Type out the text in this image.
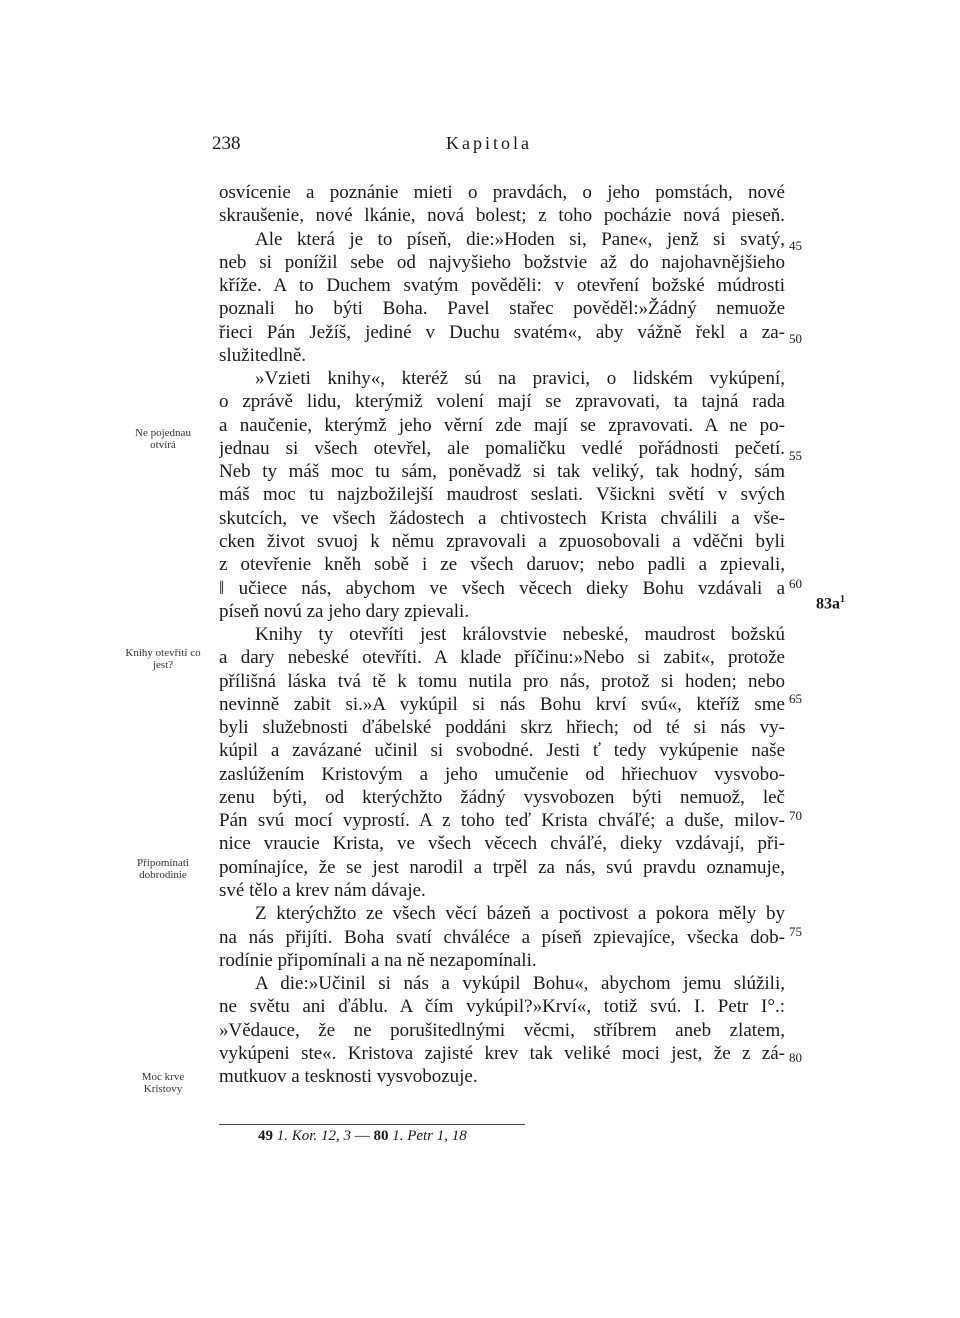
238	Kapitola
Ne pojednau otvírá
Knihy otevříti co jest?
Připomínati dobrodinie
Moc krve Kristovy
osvícenie a poznánie mieti o pravdách, o jeho pomstách, nové
skraušenie, nové lkánie, nová bolest; z toho pocházie nová pieseň.
Ale která je to píseň, die:»Hoden si, Pane«, jenž si svatý,
neb si ponížil sebe od najvyšieho božstvie až do najohavnějšieho
kříže. A to Duchem svatým pověděli: v otevření božské múdrosti
poznali ho býti Boha. Pavel stařec pověděl:»Žádný nemuože
řieci Pán Ježíš, jediné v Duchu svatém«, aby vážně řekl a za-
služitedlně.
»Vzieti knihy«, kteréž sú na pravici, o lidském vykúpení,
o zprávě lidu, kterýmiž volení mají se zpravovati, ta tajná rada
a naučenie, kterýmž jeho věrní zde mají se zpravovati. A ne po-
jednau si všech otevřel, ale pomaličku vedlé pořádnosti pečetí.
Neb ty máš moc tu sám, poněvadž si tak veliký, tak hodný, sám
máš moc tu najzbožilejší maudrost seslati. Všickni světí v svých
skutcích, ve všech žádostech a chtivostech Krista chválili a vše-
cken život svuoj k němu zpravovali a zpuosobovali a vděčni byli
z otevřenie kněh sobě i ze všech daruov; nebo padli a zpievali,
‖ učiece nás, abychom ve všech věcech dieky Bohu vzdávali a
píseň novú za jeho dary zpievali.
Knihy ty otevříti jest královstvie nebeské, maudrost božskú
a dary nebeské otevříti. A klade příčinu:»Nebo si zabit«, protože
přílišná láska tvá tě k tomu nutila pro nás, protož si hoden; nebo
nevinně zabit si.»A vykúpil si nás Bohu krví svú«, kteříž sme
byli služebnosti ďábelské poddáni skrz hřiech; od té si nás vy-
kúpil a zavázané učinil si svobodné. Jesti ť tedy vykúpenie naše
zaslúžením Kristovým a jeho umučenie od hřiechuov vysvobo-
zenu býti, od kterýchžto žádný vysvobozen býti nemuož, leč
Pán svú mocí vyprostí. A z toho teď Krista chváľé; a duše, milov-
nice vraucie Krista, ve všech věcech chváľé, dieky vzdávají, při-
pomínajíce, že se jest narodil a trpěl za nás, svú pravdu oznamuje,
své tělo a krev nám dávaje.
Z kterýchžto ze všech věcí bázeň a poctivost a pokora měly by
na nás přijíti. Boha svatí chválécе a píseň zpievajíce, všecka dob-
rodínie připomínali a na ně nezapomínali.
A die:»Učinil si nás a vykúpil Bohu«, abychom jemu slúžili,
ne světu ani ďáblu. A čím vykúpil?»Krví«, totiž svú. I. Petr I°.:
»Vědauce, že ne porušitedlnými věcmi, stříbrem aneb zlatem,
vykúpeni ste«. Kristova zajisté krev tak veliké moci jest, že z zá-
mutkuov a tesknosti vysvobozuje.
45
50
55
60
65
70
75
80
$83a^1$
49 1. Kor. 12, 3 — 80 1. Petr 1, 18
